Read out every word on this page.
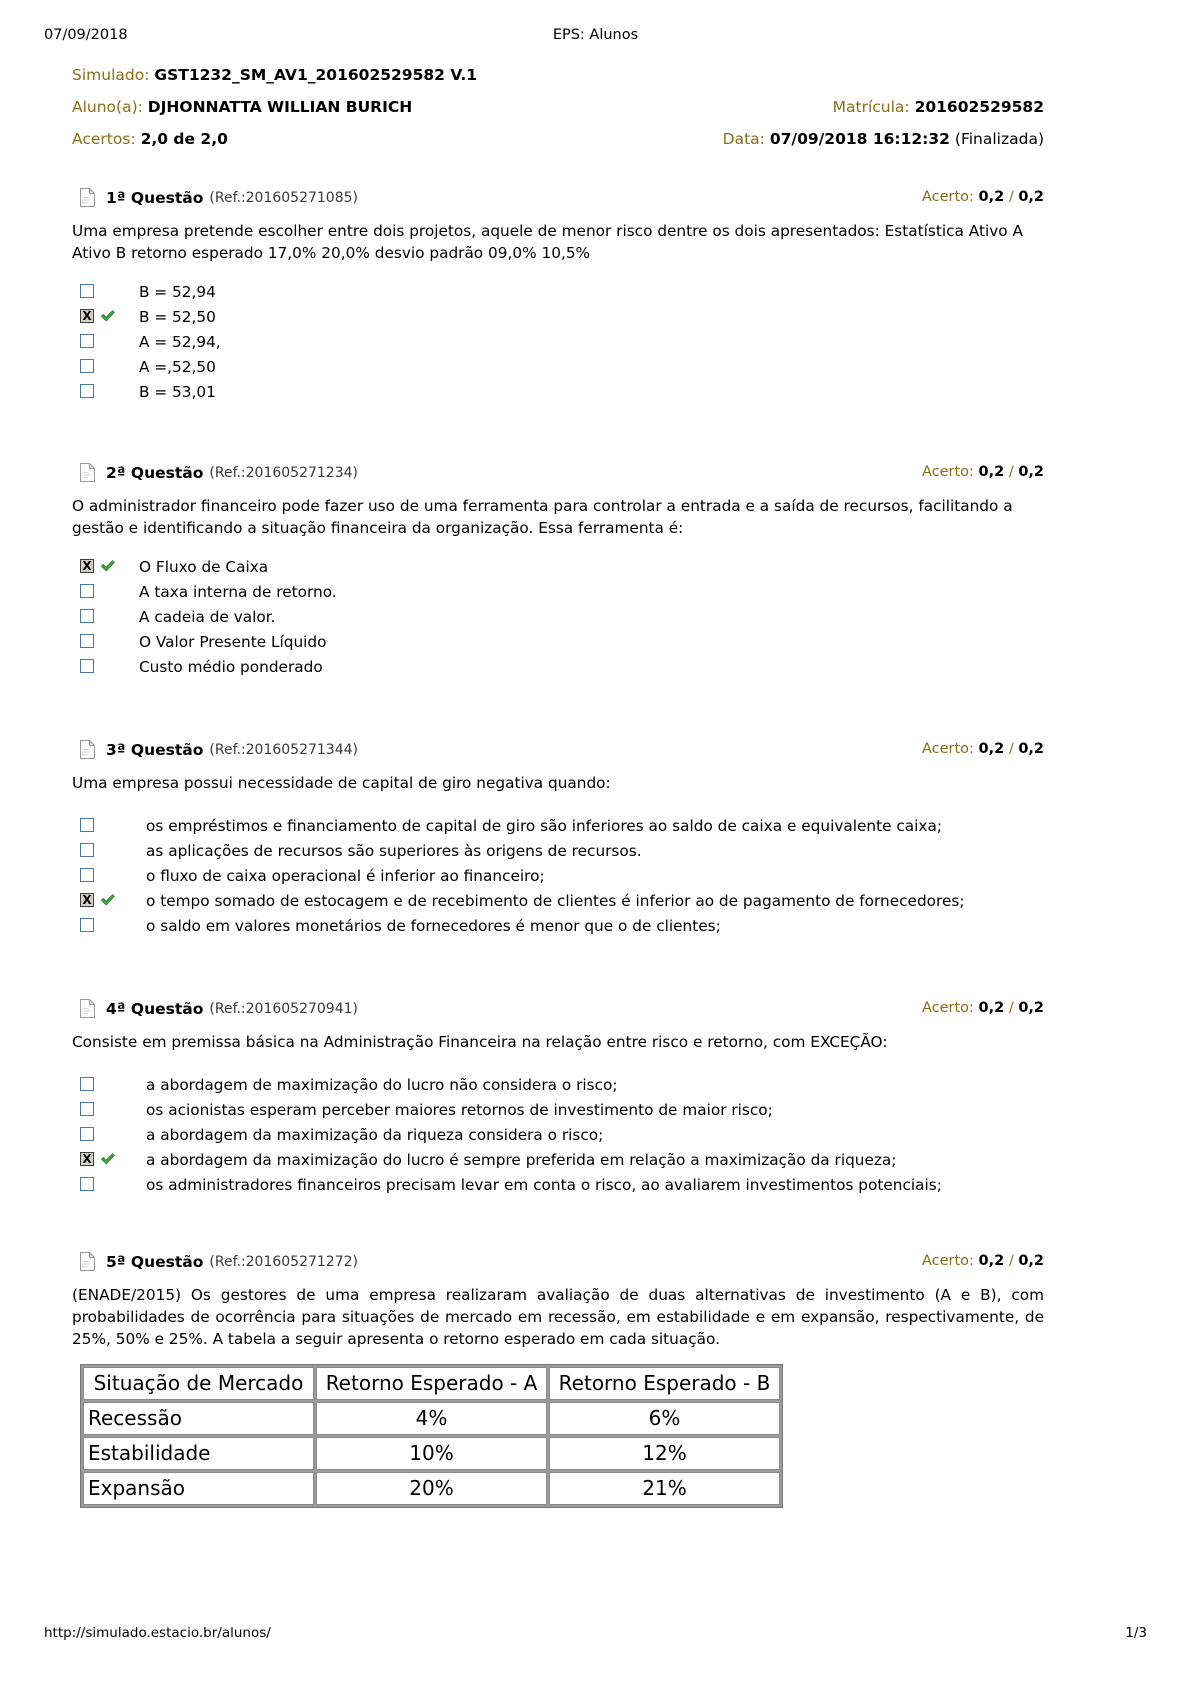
07/09/2018	EPS: Alunos
Simulado: GST1232_SM_AV1_201602529582 V.1
Aluno(a): DJHONNATTA WILLIAN BURICH	Matrícula: 201602529582
Acertos: 2,0 de 2,0	Data: 07/09/2018 16:12:32 (Finalizada)
1ª Questão (Ref.:201605271085)	Acerto: 0,2 / 0,2

Uma empresa pretende escolher entre dois projetos, aquele de menor risco dentre os dois apresentados: Estatística Ativo A Ativo B retorno esperado 17,0% 20,0% desvio padrão 09,0% 10,5%

B = 52,94
X	B = 52,50
A = 52,94,
A =,52,50
B = 53,01
2ª Questão (Ref.:201605271234)	Acerto: 0,2 / 0,2

O administrador financeiro pode fazer uso de uma ferramenta para controlar a entrada e a saída de recursos, facilitando a gestão e identificando a situação financeira da organização. Essa ferramenta é:

X	O Fluxo de Caixa
A taxa interna de retorno.
A cadeia de valor.
O Valor Presente Líquido
Custo médio ponderado
3ª Questão (Ref.:201605271344)	Acerto: 0,2 / 0,2

Uma empresa possui necessidade de capital de giro negativa quando:

os empréstimos e financiamento de capital de giro são inferiores ao saldo de caixa e equivalente caixa;
as aplicações de recursos são superiores às origens de recursos.
o fluxo de caixa operacional é inferior ao financeiro;
X	o tempo somado de estocagem e de recebimento de clientes é inferior ao de pagamento de fornecedores;
o saldo em valores monetários de fornecedores é menor que o de clientes;
4ª Questão (Ref.:201605270941)	Acerto: 0,2 / 0,2

Consiste em premissa básica na Administração Financeira na relação entre risco e retorno, com EXCEÇÃO:

a abordagem de maximização do lucro não considera o risco;
os acionistas esperam perceber maiores retornos de investimento de maior risco;
a abordagem da maximização da riqueza considera o risco;
X	a abordagem da maximização do lucro é sempre preferida em relação a maximização da riqueza;
os administradores financeiros precisam levar em conta o risco, ao avaliarem investimentos potenciais;
5ª Questão (Ref.:201605271272)	Acerto: 0,2 / 0,2

(ENADE/2015) Os gestores de uma empresa realizaram avaliação de duas alternativas de investimento (A e B), com probabilidades de ocorrência para situações de mercado em recessão, em estabilidade e em expansão, respectivamente, de 25%, 50% e 25%. A tabela a seguir apresenta o retorno esperado em cada situação.

Situação de Mercado	Retorno Esperado - A	Retorno Esperado - B
Recessão	4%	6%
Estabilidade	10%	12%
Expansão	20%	21%
http://simulado.estacio.br/alunos/	1/3
